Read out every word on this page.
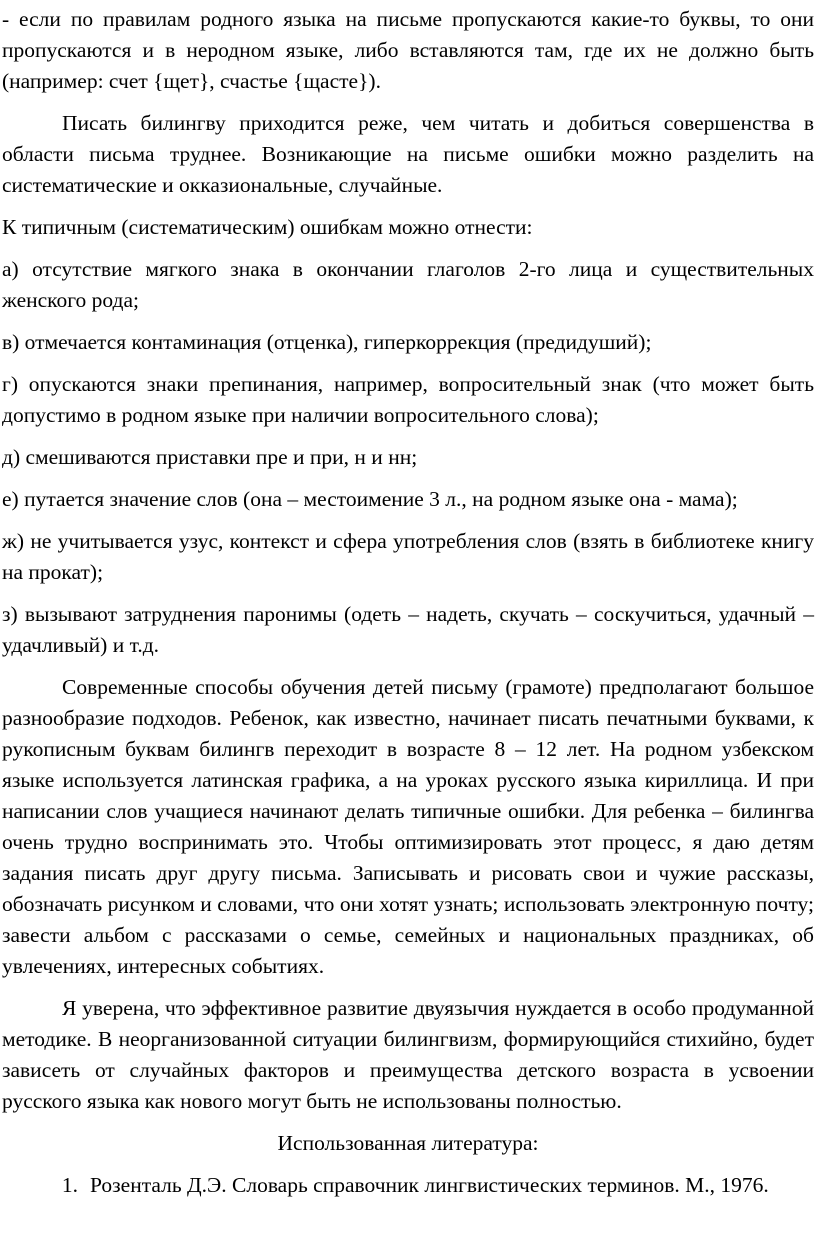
- если по правилам родного языка на письме пропускаются какие-то буквы, то они пропускаются и в неродном языке, либо вставляются там, где их не должно быть (например: счет {щет}, счастье {щасте}).

Писать билингву приходится реже, чем читать и добиться совершенства в области письма труднее. Возникающие на письме ошибки можно разделить на систематические и окказиональные, случайные.

К типичным (систематическим) ошибкам можно отнести:

а) отсутствие мягкого знака в окончании глаголов 2-го лица и существительных женского рода;

в) отмечается контаминация (отценка), гиперкоррекция (предидуший);

г) опускаются знаки препинания, например, вопросительный знак (что может быть допустимо в родном языке при наличии вопросительного слова);

д) смешиваются приставки пре и при, н и нн;

е) путается значение слов (она – местоимение 3 л., на родном языке она - мама);

ж) не учитывается узус, контекст и сфера употребления слов (взять в библиотеке книгу на прокат);

з) вызывают затруднения паронимы (одеть – надеть, скучать – соскучиться, удачный – удачливый) и т.д.

Современные способы обучения детей письму (грамоте) предполагают большое разнообразие подходов. Ребенок, как известно, начинает писать печатными буквами, к рукописным буквам билингв переходит в возрасте 8 – 12 лет. На родном узбекском языке используется латинская графика, а на уроках русского языка кириллица. И при написании слов учащиеся начинают делать типичные ошибки. Для ребенка – билингва очень трудно воспринимать это. Чтобы оптимизировать этот процесс, я даю детям задания писать друг другу письма. Записывать и рисовать свои и чужие рассказы, обозначать рисунком и словами, что они хотят узнать; использовать электронную почту; завести альбом с рассказами о семье, семейных и национальных праздниках, об увлечениях, интересных событиях.

Я уверена, что эффективное развитие двуязычия нуждается в особо продуманной методике. В неорганизованной ситуации билингвизм, формирующийся стихийно, будет зависеть от случайных факторов и преимущества детского возраста в усвоении русского языка как нового могут быть не использованы полностью.

Использованная литература:

1. Розенталь Д.Э. Словарь справочник лингвистических терминов. М., 1976.
